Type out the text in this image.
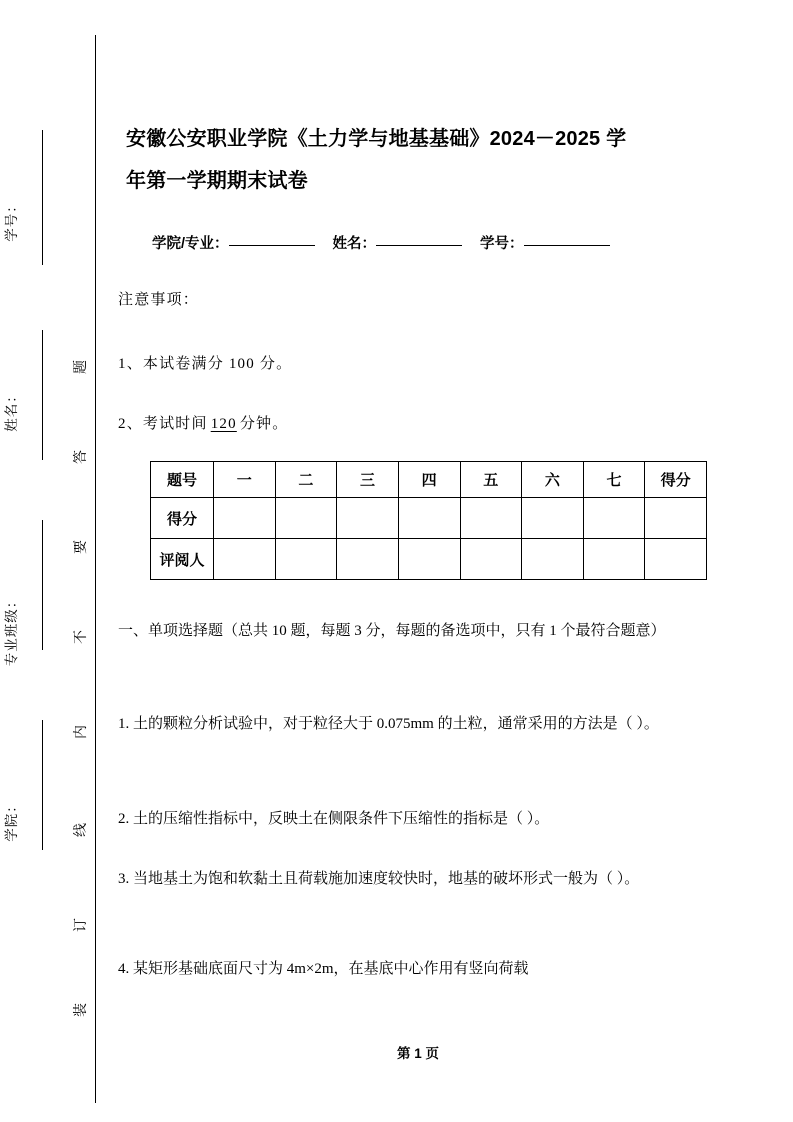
学号：
姓名：
专业班级：
学院：
题
答
要
不
内
线
订
装
安徽公安职业学院《土力学与地基基础》2024－2025 学
年第一学期期末试卷
学院/专业：	姓名：	学号：
注意事项：
1、本试卷满分 100 分。
2、考试时间 120 分钟。
题号	一	二	三	四	五	六	七	得分
得分								
评阅人								
一、单项选择题（总共 10 题，每题 3 分，每题的备选项中，只有 1 个最符合题意）
1. 土的颗粒分析试验中，对于粒径大于 0.075mm 的土粒，通常采用的方法是（ ）。
2. 土的压缩性指标中，反映土在侧限条件下压缩性的指标是（ ）。
3. 当地基土为饱和软黏土且荷载施加速度较快时，地基的破坏形式一般为（ ）。
4. 某矩形基础底面尺寸为 4m×2m，在基底中心作用有竖向荷载
第 1 页
